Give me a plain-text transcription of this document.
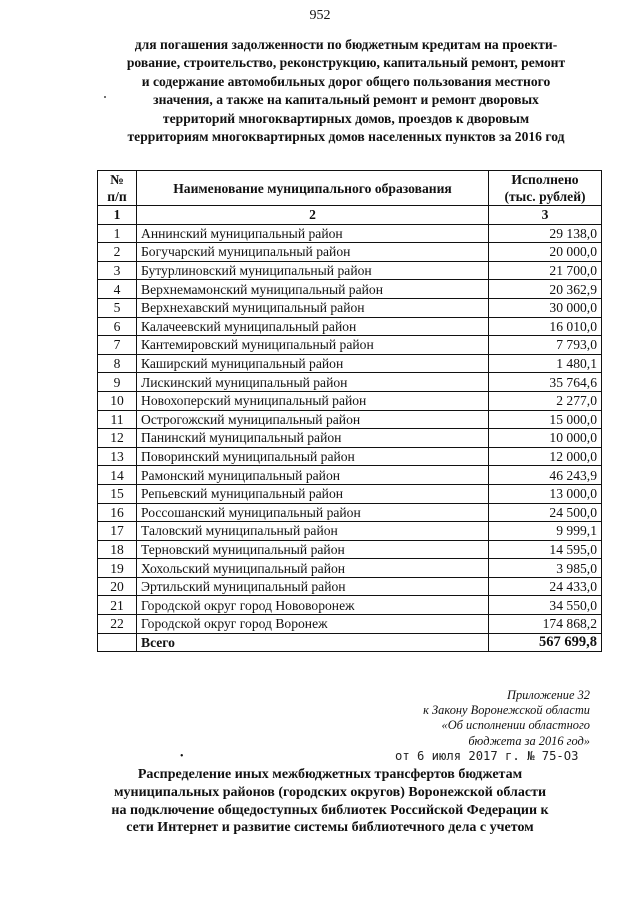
952
для погашения задолженности по бюджетным кредитам на проекти-
рование, строительство, реконструкцию, капитальный ремонт, ремонт
и содержание автомобильных дорог общего пользования местного
значения, а также на капитальный ремонт и ремонт дворовых
территорий многоквартирных домов, проездов к дворовым
территориям многоквартирных домов населенных пунктов за 2016 год
№
п/п	Наименование муниципального образования	Исполнено
(тыс. рублей)
1	2	3
1	Аннинский муниципальный район	29 138,0
2	Богучарский муниципальный район	20 000,0
3	Бутурлиновский муниципальный район	21 700,0
4	Верхнемамонский муниципальный район	20 362,9
5	Верхнехавский муниципальный район	30 000,0
6	Калачеевский муниципальный район	16 010,0
7	Кантемировский муниципальный район	7 793,0
8	Каширский муниципальный район	1 480,1
9	Лискинский муниципальный район	35 764,6
10	Новохоперский муниципальный район	2 277,0
11	Острогожский муниципальный район	15 000,0
12	Панинский муниципальный район	10 000,0
13	Поворинский муниципальный район	12 000,0
14	Рамонский муниципальный район	46 243,9
15	Репьевский муниципальный район	13 000,0
16	Россошанский муниципальный район	24 500,0
17	Таловский муниципальный район	9 999,1
18	Терновский муниципальный район	14 595,0
19	Хохольский муниципальный район	3 985,0
20	Эртильский муниципальный район	24 433,0
21	Городской округ город Нововоронеж	34 550,0
22	Городской округ город Воронеж	174 868,2
	Всего	567 699,8
Приложение 32
к Закону Воронежской области
«Об исполнении областного
бюджета за 2016 год»
•	от 6 июля 2017 г. № 75-ОЗ
Распределение иных межбюджетных трансфертов бюджетам
муниципальных районов (городских округов) Воронежской области
на подключение общедоступных библиотек Российской Федерации к
сети Интернет и развитие системы библиотечного дела с учетом
